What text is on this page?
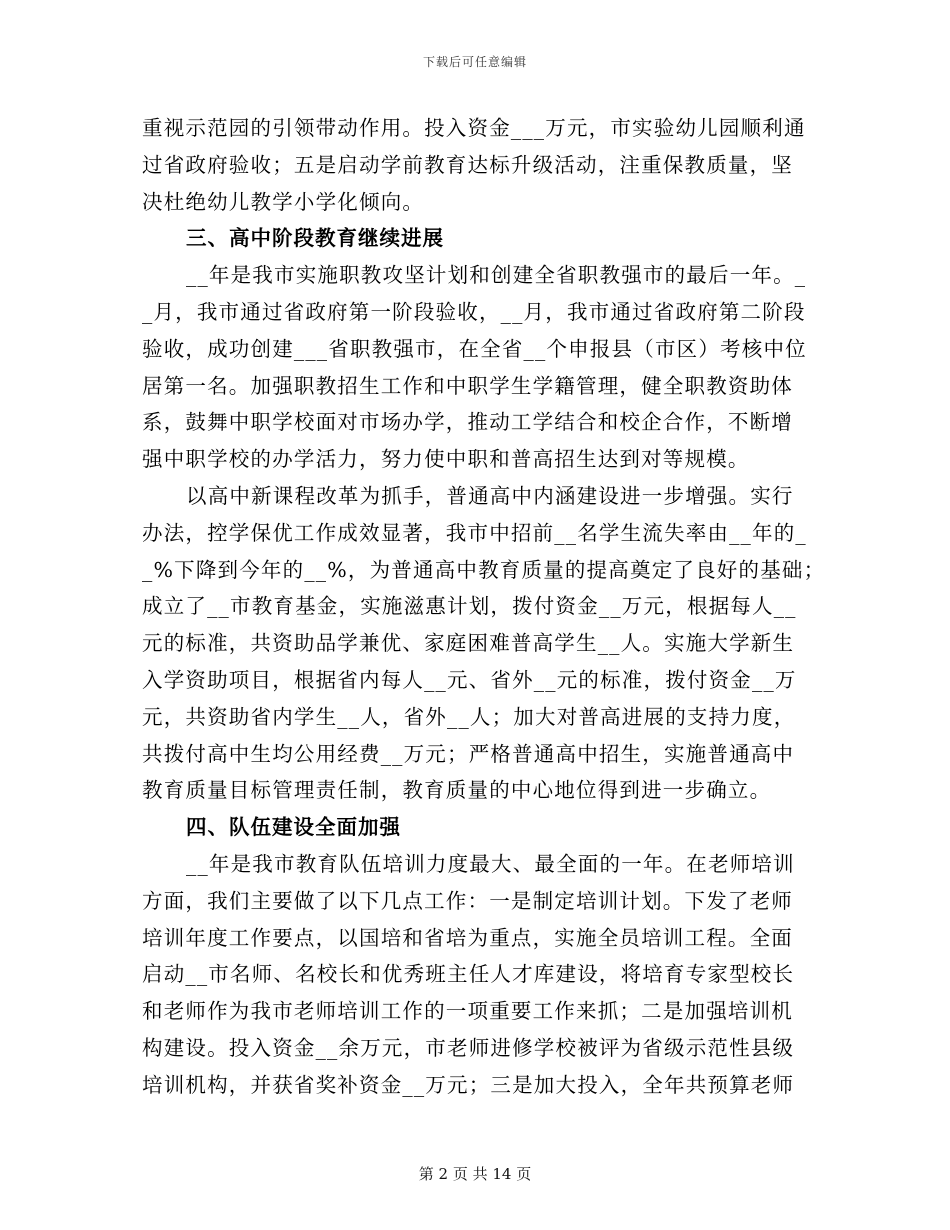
下载后可任意编辑
重视示范园的引领带动作用。投入资金___万元，市实验幼儿园顺利通
过省政府验收；五是启动学前教育达标升级活动，注重保教质量，坚
决杜绝幼儿教学小学化倾向。
三、高中阶段教育继续进展
__年是我市实施职教攻坚计划和创建全省职教强市的最后一年。_
_月，我市通过省政府第一阶段验收，__月，我市通过省政府第二阶段
验收，成功创建___省职教强市，在全省__个申报县（市区）考核中位
居第一名。加强职教招生工作和中职学生学籍管理，健全职教资助体
系，鼓舞中职学校面对市场办学，推动工学结合和校企合作，不断增
强中职学校的办学活力，努力使中职和普高招生达到对等规模。
以高中新课程改革为抓手，普通高中内涵建设进一步增强。实行
办法，控学保优工作成效显著，我市中招前__名学生流失率由__年的_
_%下降到今年的__%，为普通高中教育质量的提高奠定了良好的基础；
成立了__市教育基金，实施滋惠计划，拨付资金__万元，根据每人__
元的标准，共资助品学兼优、家庭困难普高学生__人。实施大学新生
入学资助项目，根据省内每人__元、省外__元的标准，拨付资金__万
元，共资助省内学生__人，省外__人；加大对普高进展的支持力度，
共拨付高中生均公用经费__万元；严格普通高中招生，实施普通高中
教育质量目标管理责任制，教育质量的中心地位得到进一步确立。
四、队伍建设全面加强
__年是我市教育队伍培训力度最大、最全面的一年。在老师培训
方面，我们主要做了以下几点工作：一是制定培训计划。下发了老师
培训年度工作要点，以国培和省培为重点，实施全员培训工程。全面
启动__市名师、名校长和优秀班主任人才库建设，将培育专家型校长
和老师作为我市老师培训工作的一项重要工作来抓；二是加强培训机
构建设。投入资金__余万元，市老师进修学校被评为省级示范性县级
培训机构，并获省奖补资金__万元；三是加大投入，全年共预算老师
第 2 页 共 14 页
